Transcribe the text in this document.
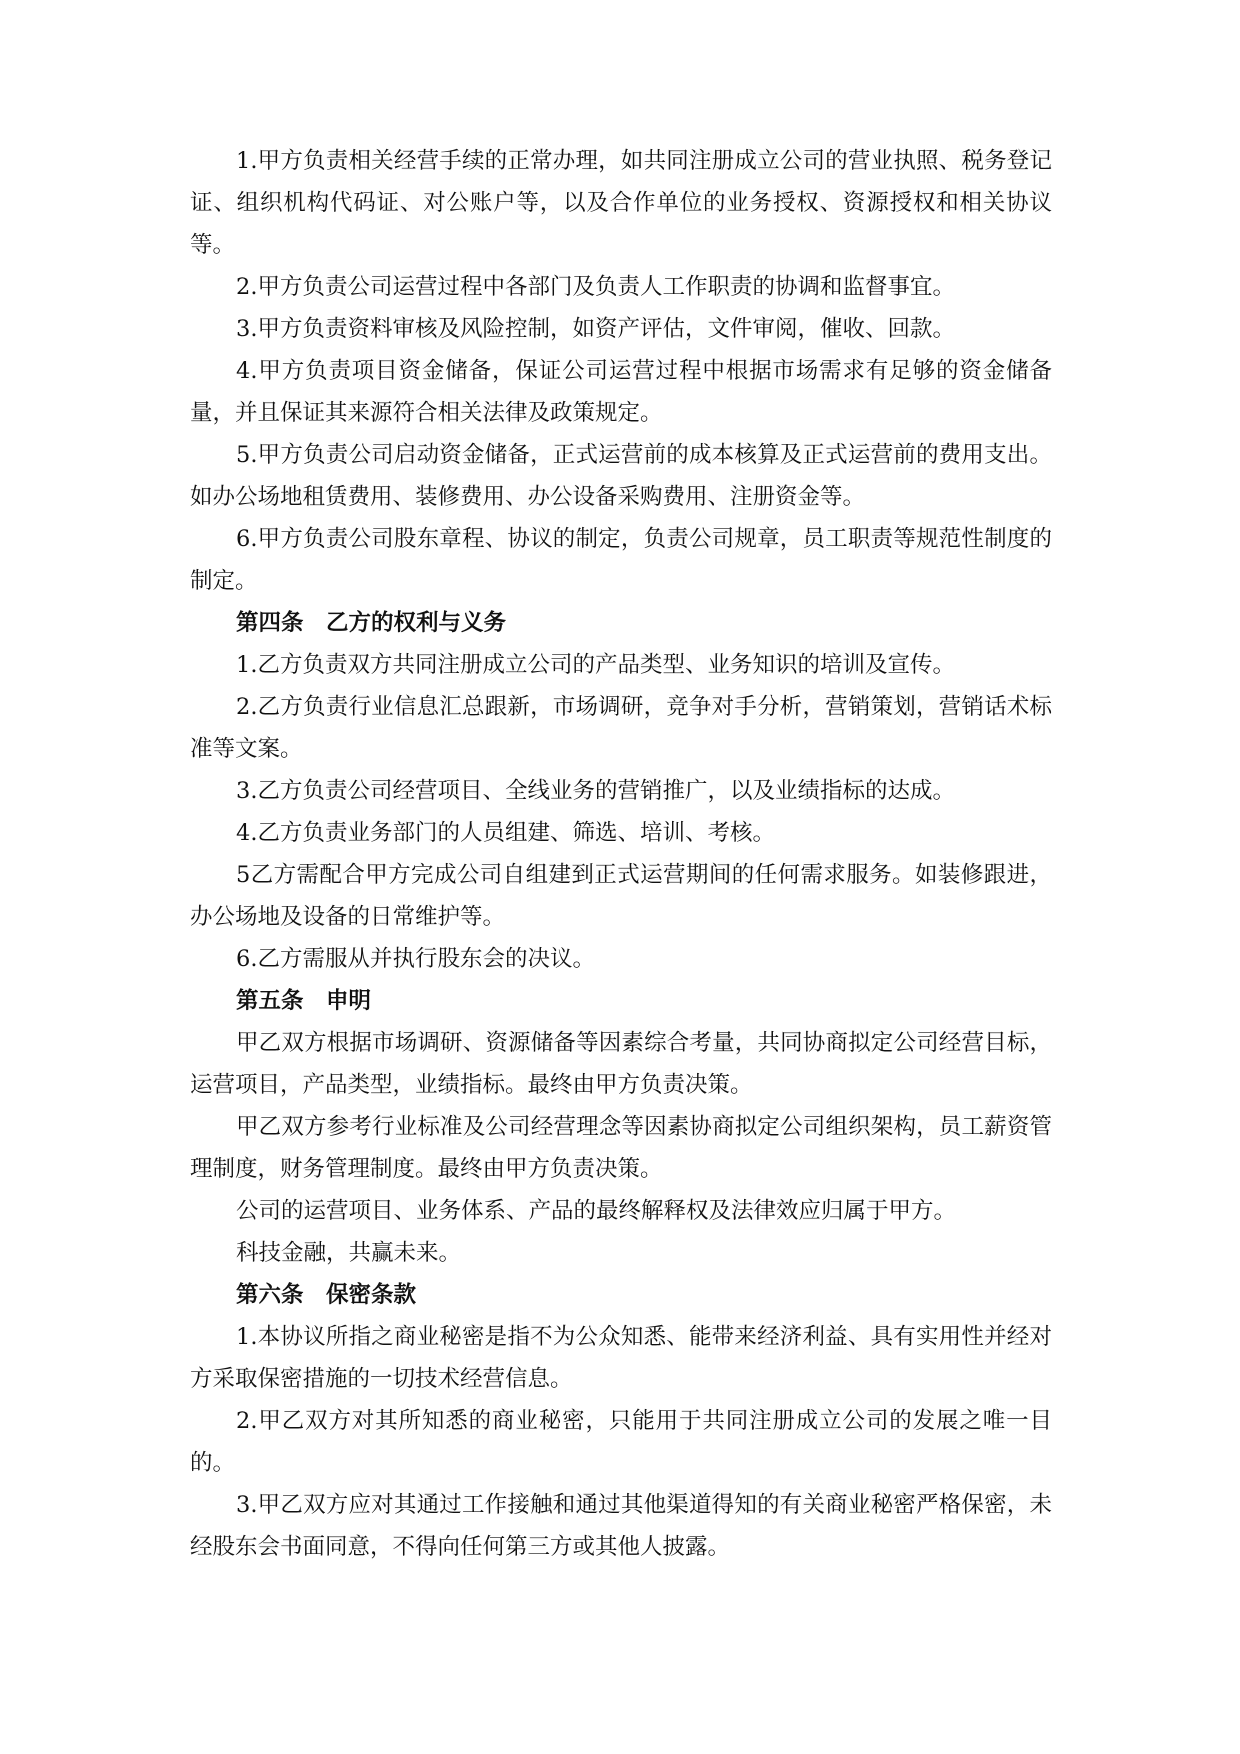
1.甲方负责相关经营手续的正常办理，如共同注册成立公司的营业执照、税务登记证、组织机构代码证、对公账户等，以及合作单位的业务授权、资源授权和相关协议等。

2.甲方负责公司运营过程中各部门及负责人工作职责的协调和监督事宜。

3.甲方负责资料审核及风险控制，如资产评估，文件审阅，催收、回款。

4.甲方负责项目资金储备，保证公司运营过程中根据市场需求有足够的资金储备量，并且保证其来源符合相关法律及政策规定。

5.甲方负责公司启动资金储备，正式运营前的成本核算及正式运营前的费用支出。如办公场地租赁费用、装修费用、办公设备采购费用、注册资金等。

6.甲方负责公司股东章程、协议的制定，负责公司规章，员工职责等规范性制度的制定。

第四条　乙方的权利与义务

1.乙方负责双方共同注册成立公司的产品类型、业务知识的培训及宣传。

2.乙方负责行业信息汇总跟新，市场调研，竞争对手分析，营销策划，营销话术标准等文案。

3.乙方负责公司经营项目、全线业务的营销推广，以及业绩指标的达成。

4.乙方负责业务部门的人员组建、筛选、培训、考核。

5乙方需配合甲方完成公司自组建到正式运营期间的任何需求服务。如装修跟进，办公场地及设备的日常维护等。

6.乙方需服从并执行股东会的决议。

第五条　申明

甲乙双方根据市场调研、资源储备等因素综合考量，共同协商拟定公司经营目标，运营项目，产品类型，业绩指标。最终由甲方负责决策。

甲乙双方参考行业标准及公司经营理念等因素协商拟定公司组织架构，员工薪资管理制度，财务管理制度。最终由甲方负责决策。

公司的运营项目、业务体系、产品的最终解释权及法律效应归属于甲方。

科技金融，共赢未来。

第六条　保密条款

1.本协议所指之商业秘密是指不为公众知悉、能带来经济利益、具有实用性并经对方采取保密措施的一切技术经营信息。

2.甲乙双方对其所知悉的商业秘密，只能用于共同注册成立公司的发展之唯一目的。

3.甲乙双方应对其通过工作接触和通过其他渠道得知的有关商业秘密严格保密，未经股东会书面同意，不得向任何第三方或其他人披露。
